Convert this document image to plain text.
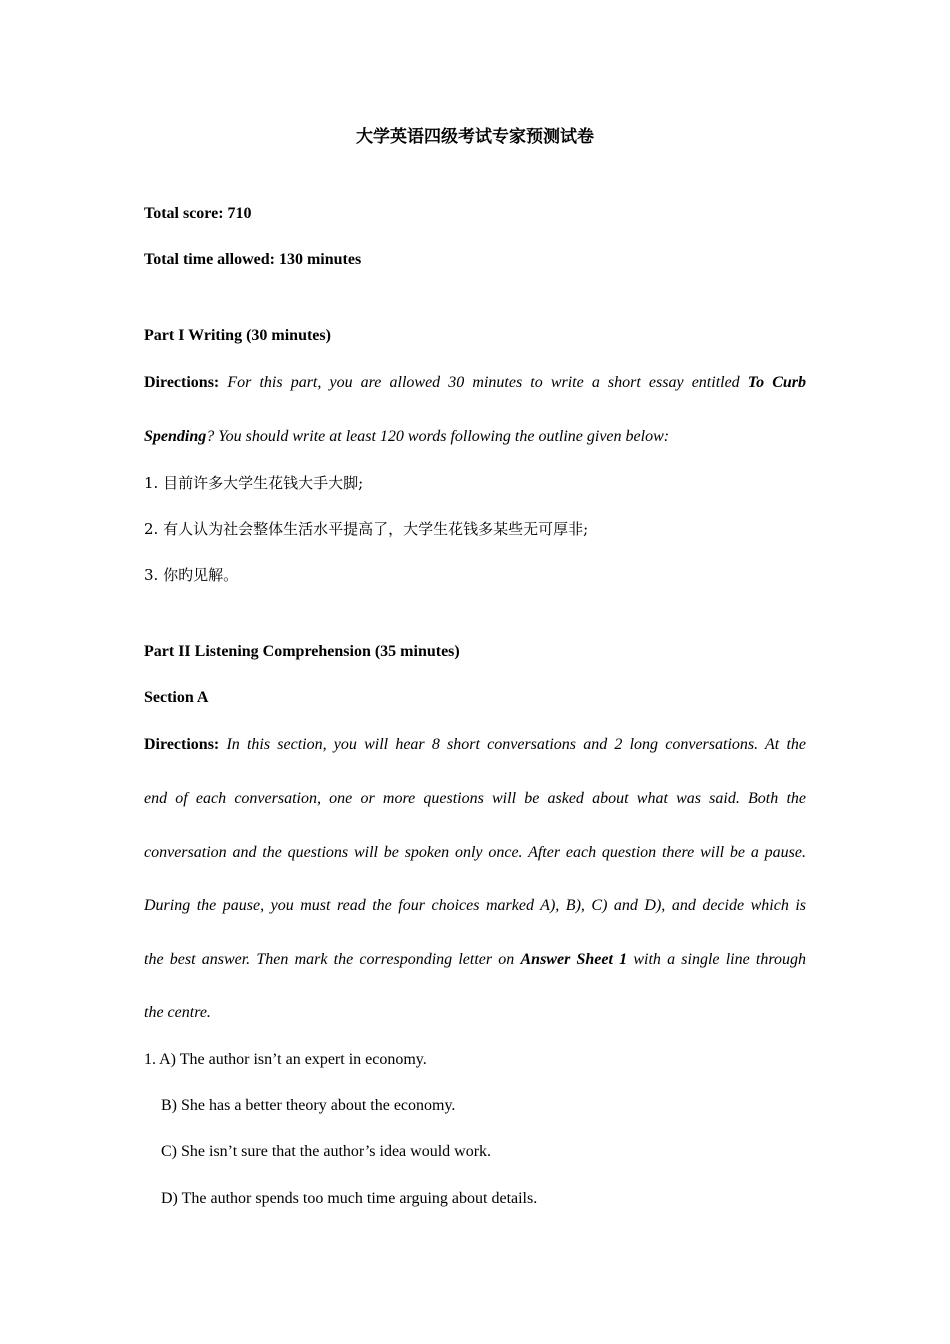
大学英语四级考试专家预测试卷
Total score: 710
Total time allowed: 130 minutes
Part I Writing (30 minutes)
Directions: For this part, you are allowed 30 minutes to write a short essay entitled To Curb
Spending? You should write at least 120 words following the outline given below:
1. 目前许多大学生花钱大手大脚;
2. 有人认为社会整体生活水平提高了，大学生花钱多某些无可厚非;
3. 你旳见解。
Part II Listening Comprehension (35 minutes)
Section A
Directions: In this section, you will hear 8 short conversations and 2 long conversations. At the
end of each conversation, one or more questions will be asked about what was said. Both the
conversation and the questions will be spoken only once. After each question there will be a pause.
During the pause, you must read the four choices marked A), B), C) and D), and decide which is
the best answer. Then mark the corresponding letter on Answer Sheet 1 with a single line through
the centre.
1. A) The author isn’t an expert in economy.
B) She has a better theory about the economy.
C) She isn’t sure that the author’s idea would work.
D) The author spends too much time arguing about details.
